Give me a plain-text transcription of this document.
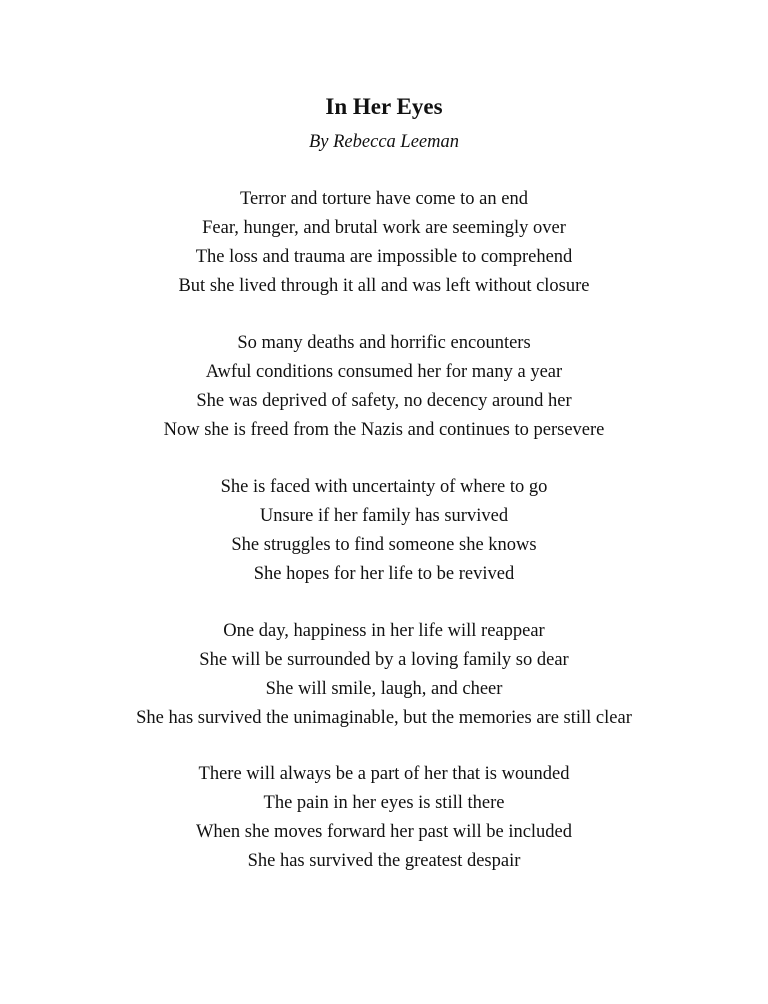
In Her Eyes

By Rebecca Leeman

Terror and torture have come to an end
Fear, hunger, and brutal work are seemingly over
The loss and trauma are impossible to comprehend
But she lived through it all and was left without closure
So many deaths and horrific encounters
Awful conditions consumed her for many a year
She was deprived of safety, no decency around her
Now she is freed from the Nazis and continues to persevere
She is faced with uncertainty of where to go
Unsure if her family has survived
She struggles to find someone she knows
She hopes for her life to be revived
One day, happiness in her life will reappear
She will be surrounded by a loving family so dear
She will smile, laugh, and cheer
She has survived the unimaginable, but the memories are still clear
There will always be a part of her that is wounded
The pain in her eyes is still there
When she moves forward her past will be included
She has survived the greatest despair
